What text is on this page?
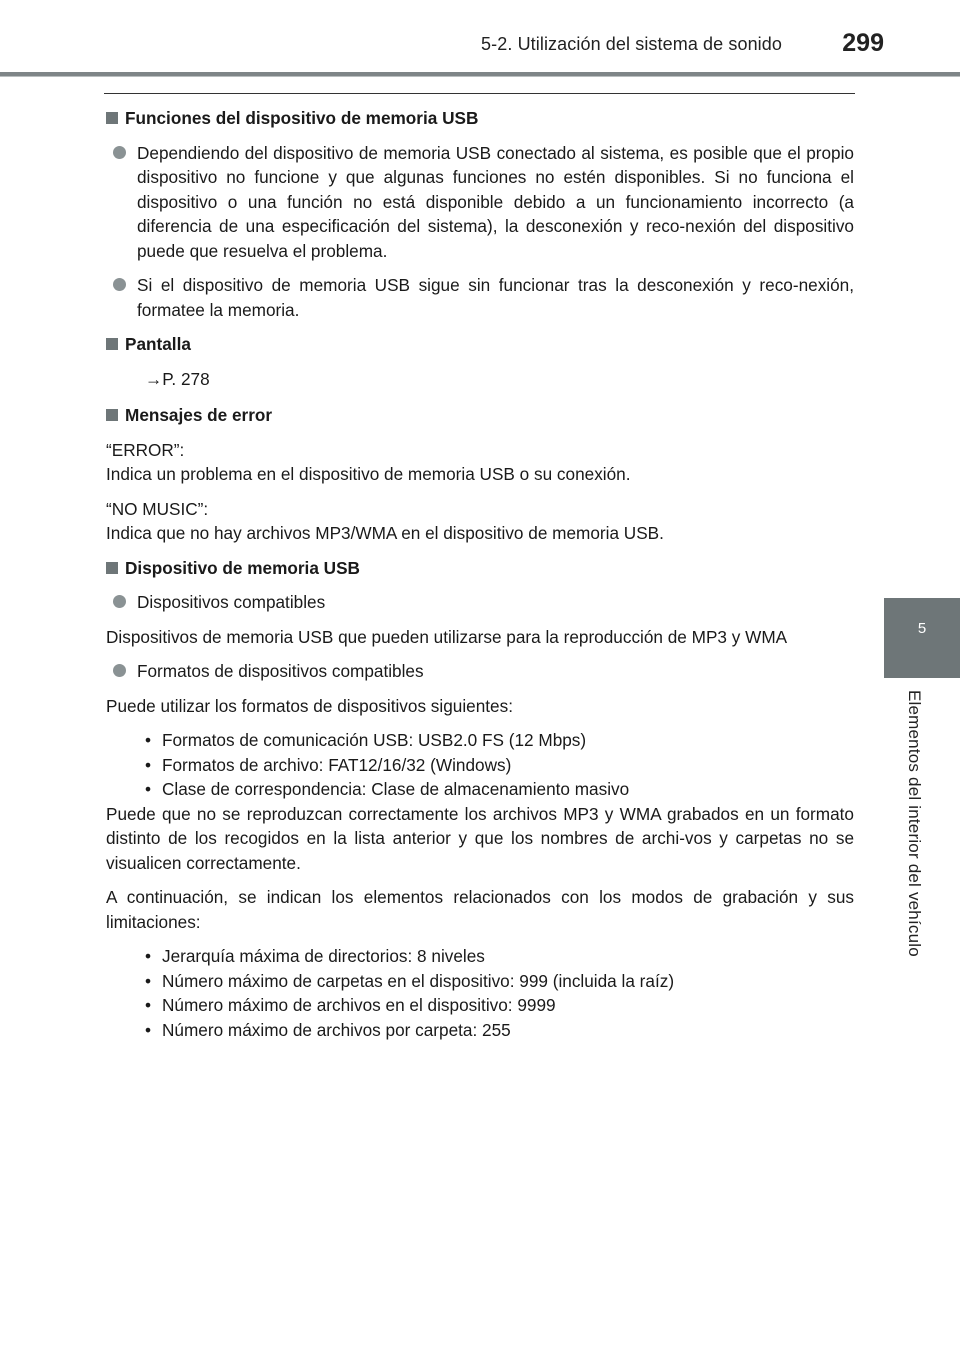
5-2. Utilización del sistema de sonido 299
5
Elementos del interior del vehículo
Funciones del dispositivo de memoria USB
Dependiendo del dispositivo de memoria USB conectado al sistema, es posible que el propio dispositivo no funcione y que algunas funciones no estén disponibles. Si no funciona el dispositivo o una función no está disponible debido a un funcionamiento incorrecto (a diferencia de una especificación del sistema), la desconexión y reco-nexión del dispositivo puede que resuelva el problema.
Si el dispositivo de memoria USB sigue sin funcionar tras la desconexión y reco-nexión, formatee la memoria.
Pantalla
→P. 278
Mensajes de error
“ERROR”:
Indica un problema en el dispositivo de memoria USB o su conexión.
“NO MUSIC”:
Indica que no hay archivos MP3/WMA en el dispositivo de memoria USB.
Dispositivo de memoria USB
Dispositivos compatibles
Dispositivos de memoria USB que pueden utilizarse para la reproducción de MP3 y WMA
Formatos de dispositivos compatibles
Puede utilizar los formatos de dispositivos siguientes:
• Formatos de comunicación USB: USB2.0 FS (12 Mbps)
• Formatos de archivo: FAT12/16/32 (Windows)
• Clase de correspondencia: Clase de almacenamiento masivo
Puede que no se reproduzcan correctamente los archivos MP3 y WMA grabados en un formato distinto de los recogidos en la lista anterior y que los nombres de archi-vos y carpetas no se visualicen correctamente.
A continuación, se indican los elementos relacionados con los modos de grabación y sus limitaciones:
• Jerarquía máxima de directorios: 8 niveles
• Número máximo de carpetas en el dispositivo: 999 (incluida la raíz)
• Número máximo de archivos en el dispositivo: 9999
• Número máximo de archivos por carpeta: 255
